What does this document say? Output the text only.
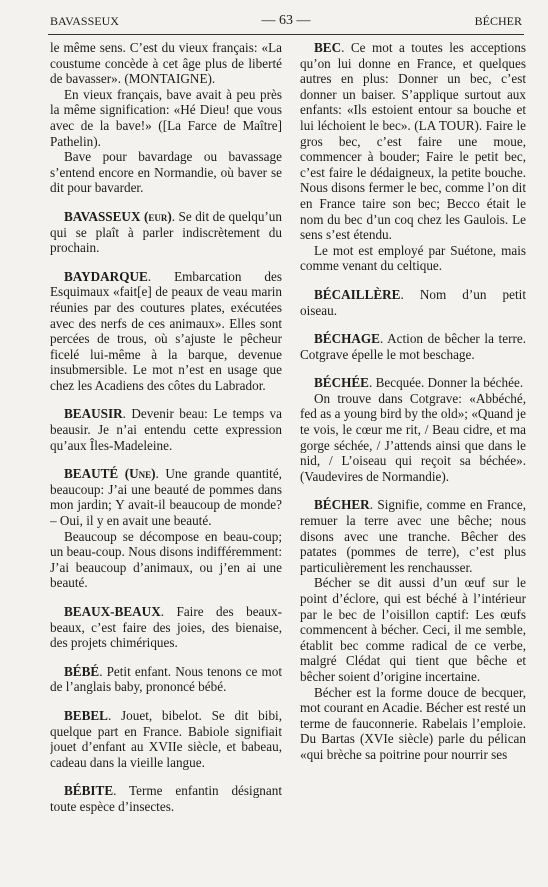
BAVASSEUX	— 63 —	BÉCHER

le même sens. C’est du vieux français: «La coustume concède à cet âge plus de liberté de bavasser». (MONTAIGNE).

En vieux français, bave avait à peu près la même signification: «Hé Dieu! que vous avec de la bave!» ([La Farce de Maître] Pathelin).

Bave pour bavardage ou bavassage s’entend encore en Normandie, où baver se dit pour bavarder.

BAVASSEUX (eur). Se dit de quelqu’un qui se plaît à parler indiscrètement du prochain.

BAYDARQUE. Embarcation des Esquimaux «fait[e] de peaux de veau marin réunies par des coutures plates, exécutées avec des nerfs de ces animaux». Elles sont percées de trous, où s’ajuste le pêcheur ficelé lui-même à la barque, devenue insubmersible. Le mot n’est en usage que chez les Acadiens des côtes du Labrador.

BEAUSIR. Devenir beau: Le temps va beausir. Je n’ai entendu cette expression qu’aux Îles-Madeleine.

BEAUTÉ (Une). Une grande quantité, beaucoup: J’ai une beauté de pommes dans mon jardin; Y avait-il beaucoup de monde? – Oui, il y en avait une beauté.

Beaucoup se décompose en beau-coup; un beau-coup. Nous disons indifféremment: J’ai beaucoup d’animaux, ou j’en ai une beauté.

BEAUX-BEAUX. Faire des beaux-beaux, c’est faire des joies, des bienaise, des projets chimériques.

BÉBÉ. Petit enfant. Nous tenons ce mot de l’anglais baby, prononcé bébé.

BEBEL. Jouet, bibelot. Se dit bibi, quelque part en France. Babiole signifiait jouet d’enfant au XVIIe siècle, et babeau, cadeau dans la vieille langue.

BÉBITE. Terme enfantin désignant toute espèce d’insectes.

BEC. Ce mot a toutes les acceptions qu’on lui donne en France, et quelques autres en plus: Donner un bec, c’est donner un baiser. S’applique surtout aux enfants: «Ils estoient entour sa bouche et lui léchoient le bec». (LA TOUR). Faire le gros bec, c’est faire une moue, commencer à bouder; Faire le petit bec, c’est faire le dédaigneux, la petite bouche. Nous disons fermer le bec, comme l’on dit en France taire son bec; Becco était le nom du bec d’un coq chez les Gaulois. Le sens s’est étendu.

Le mot est employé par Suétone, mais comme venant du celtique.

BÉCAILLÈRE. Nom d’un petit oiseau.

BÉCHAGE. Action de bêcher la terre. Cotgrave épelle le mot beschage.

BÉCHÉE. Becquée. Donner la béchée.

On trouve dans Cotgrave: «Abbéché, fed as a young bird by the old»; «Quand je te vois, le cœur me rit, / Beau cidre, et ma gorge séchée, / J’attends ainsi que dans le nid, / L’oiseau qui reçoit sa béchée». (Vaudevires de Normandie).

BÉCHER. Signifie, comme en France, remuer la terre avec une bêche; nous disons avec une tranche. Bêcher des patates (pommes de terre), c’est plus particulièrement les renchausser.

Bécher se dit aussi d’un œuf sur le point d’éclore, qui est béché à l’intérieur par le bec de l’oisillon captif: Les œufs commencent à bécher. Ceci, il me semble, établit bec comme radical de ce verbe, malgré Clédat qui tient que bêche et bêcher soient d’origine incertaine.

Bécher est la forme douce de becquer, mot courant en Acadie. Bécher est resté un terme de fauconnerie. Rabelais l’emploie. Du Bartas (XVIe siècle) parle du pélican «qui brèche sa poitrine pour nourrir ses
